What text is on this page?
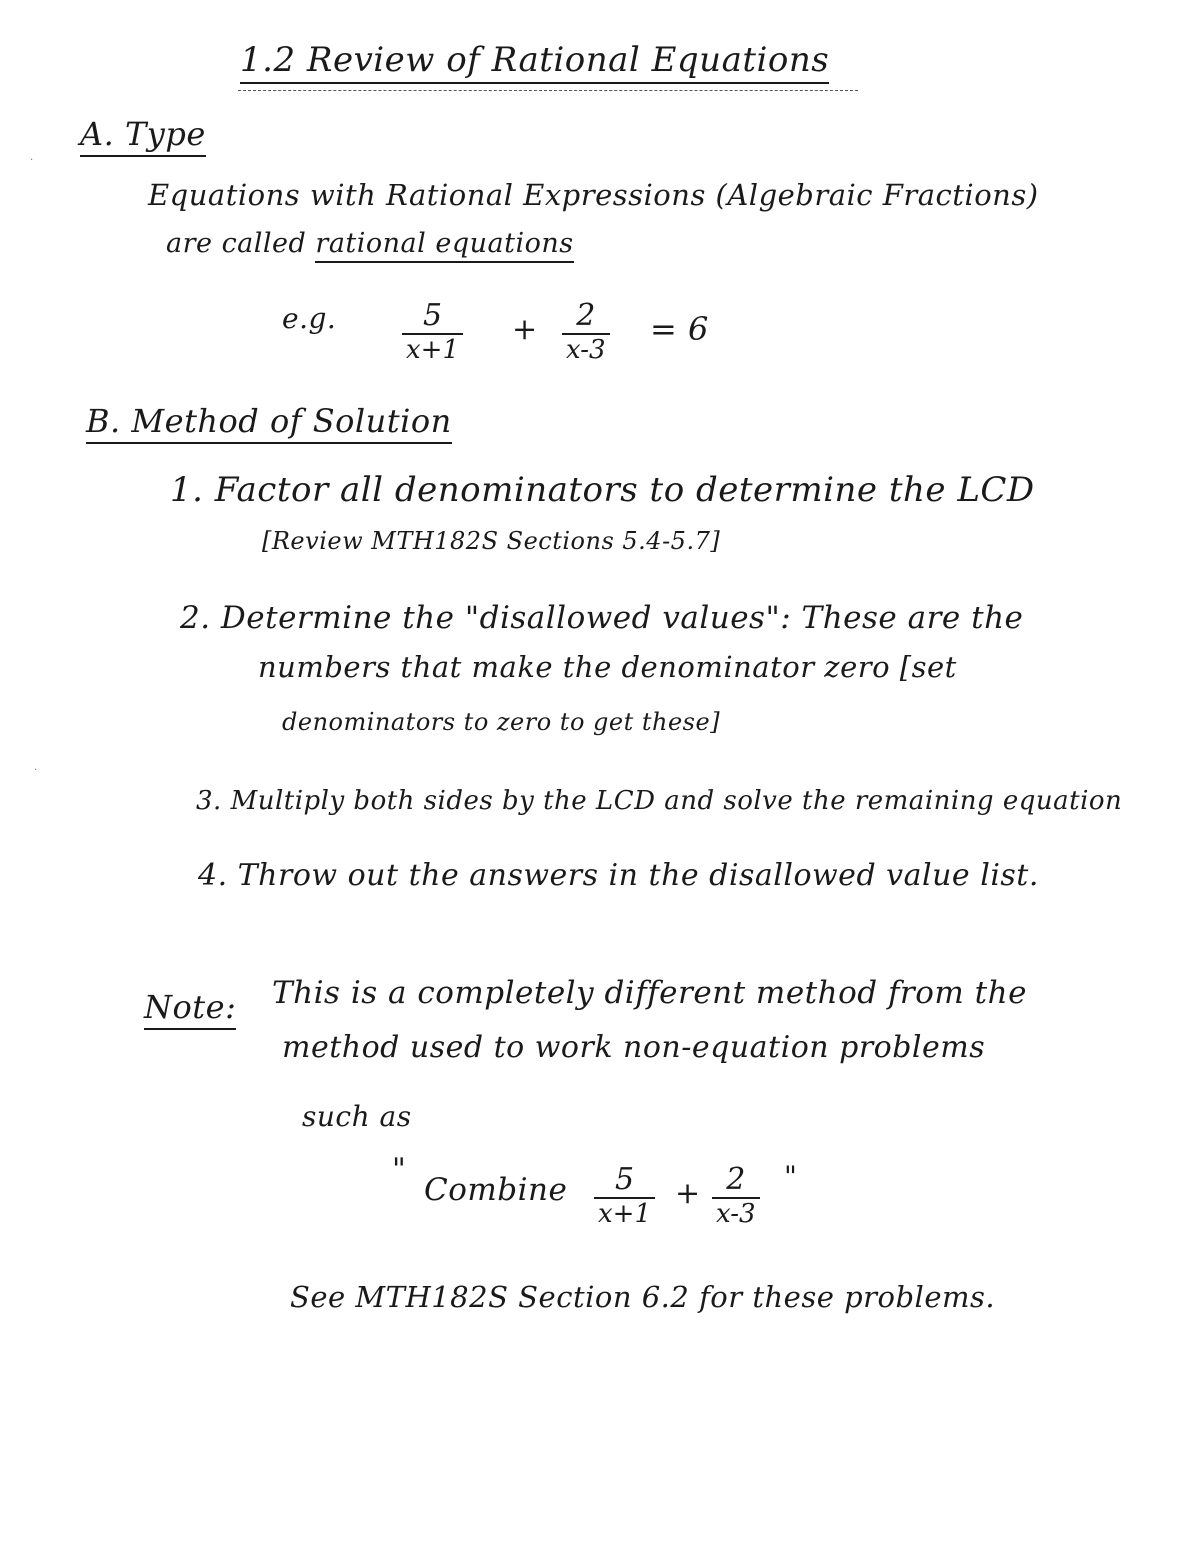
1.2 Review of Rational Equations
A. Type
Equations with Rational Expressions (Algebraic Fractions)
are called rational equations
e.g.	5
x+1
+	2
x-3
= 6
B. Method of Solution
1. Factor all denominators to determine the LCD
[Review MTH182S Sections 5.4-5.7]
2. Determine the "disallowed values": These are the
numbers that make the denominator zero [set
denominators to zero to get these]
3. Multiply both sides by the LCD and solve the remaining equation
4. Throw out the answers in the disallowed value list.
Note: This is a completely different method from the
method used to work non-equation problems
such as
"
Combine	5
x+1
+ 2
x-3
"
See MTH182S Section 6.2 for these problems.
·
·
